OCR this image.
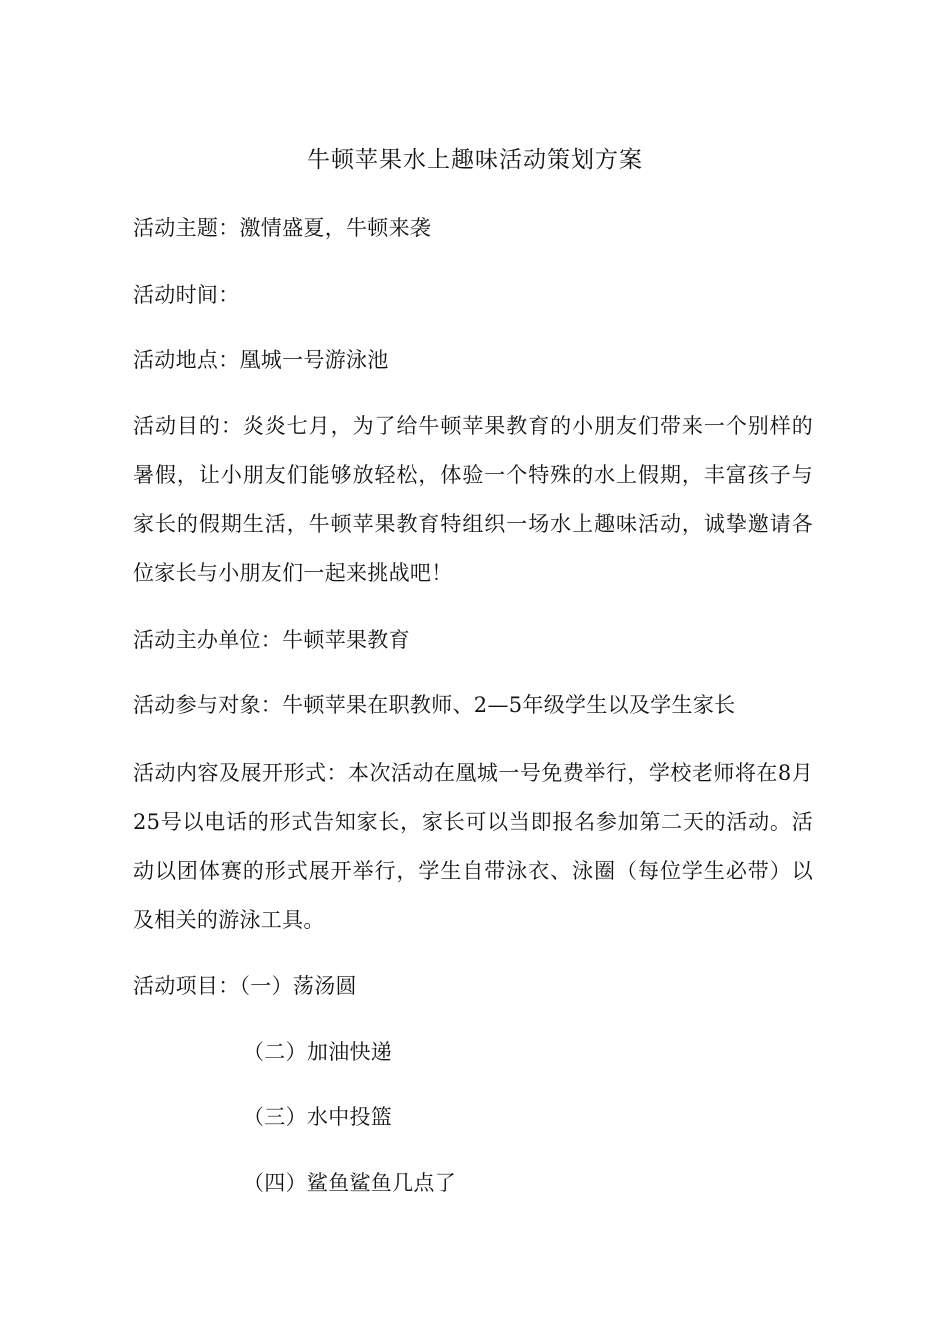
牛顿苹果水上趣味活动策划方案
活动主题：激情盛夏，牛顿来袭
活动时间：
活动地点：凰城一号游泳池
活动目的：炎炎七月，为了给牛顿苹果教育的小朋友们带来一个别样的暑假，让小朋友们能够放轻松，体验一个特殊的水上假期，丰富孩子与家长的假期生活，牛顿苹果教育特组织一场水上趣味活动，诚挚邀请各位家长与小朋友们一起来挑战吧！
活动主办单位：牛顿苹果教育
活动参与对象：牛顿苹果在职教师、2—5年级学生以及学生家长
活动内容及展开形式：本次活动在凰城一号免费举行，学校老师将在8月25号以电话的形式告知家长，家长可以当即报名参加第二天的活动。活动以团体赛的形式展开举行，学生自带泳衣、泳圈（每位学生必带）以及相关的游泳工具。
活动项目：（一）荡汤圆
（二）加油快递
（三）水中投篮
（四）鲨鱼鲨鱼几点了
